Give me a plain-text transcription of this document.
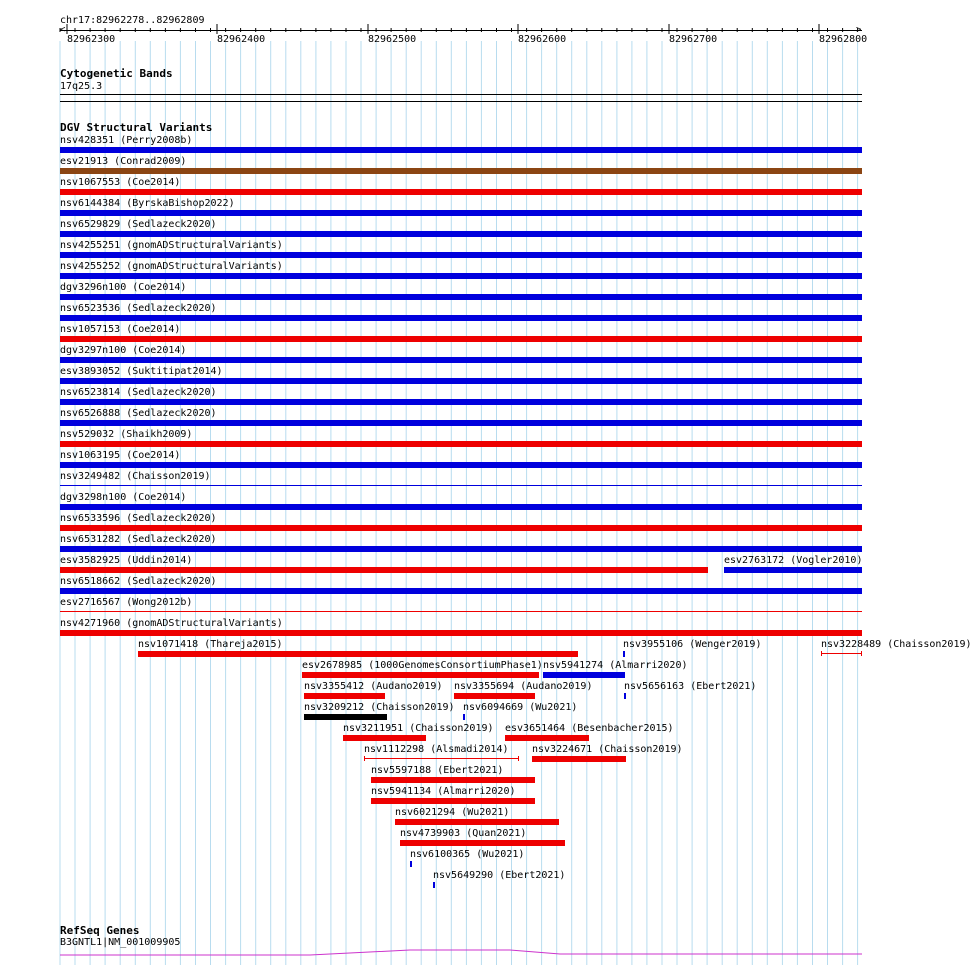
chr17:82962278..82962809
<	>
82962300	82962400	82962500	82962600	82962700	82962800
Cytogenetic Bands
17q25.3
DGV Structural Variants
nsv428351 (Perry2008b)
esv21913 (Conrad2009)
nsv1067553 (Coe2014)
nsv6144384 (ByrskaBishop2022)
nsv6529829 (Sedlazeck2020)
nsv4255251 (gnomADStructuralVariants)
nsv4255252 (gnomADStructuralVariants)
dgv3296n100 (Coe2014)
nsv6523536 (Sedlazeck2020)
nsv1057153 (Coe2014)
dgv3297n100 (Coe2014)
esv3893052 (Suktitipat2014)
nsv6523814 (Sedlazeck2020)
nsv6526888 (Sedlazeck2020)
nsv529032 (Shaikh2009)
nsv1063195 (Coe2014)
nsv3249482 (Chaisson2019)
dgv3298n100 (Coe2014)
nsv6533596 (Sedlazeck2020)
nsv6531282 (Sedlazeck2020)
esv3582925 (Uddin2014)	esv2763172 (Vogler2010)
nsv6518662 (Sedlazeck2020)
esv2716567 (Wong2012b)
nsv4271960 (gnomADStructuralVariants)
nsv1071418 (Thareja2015)	nsv3955106 (Wenger2019)	nsv3228489 (Chaisson2019)
esv2678985 (1000GenomesConsortiumPhase1) nsv5941274 (Almarri2020)
nsv3355412 (Audano2019) nsv3355694 (Audano2019)	nsv5656163 (Ebert2021)
nsv3209212 (Chaisson2019) nsv6094669 (Wu2021)
nsv3211951 (Chaisson2019) esv3651464 (Besenbacher2015)
nsv1112298 (Alsmadi2014) nsv3224671 (Chaisson2019)
nsv5597188 (Ebert2021)
nsv5941134 (Almarri2020)
nsv6021294 (Wu2021)
nsv4739903 (Quan2021)
nsv6100365 (Wu2021)
nsv5649290 (Ebert2021)
RefSeq Genes
B3GNTL1|NM_001009905
